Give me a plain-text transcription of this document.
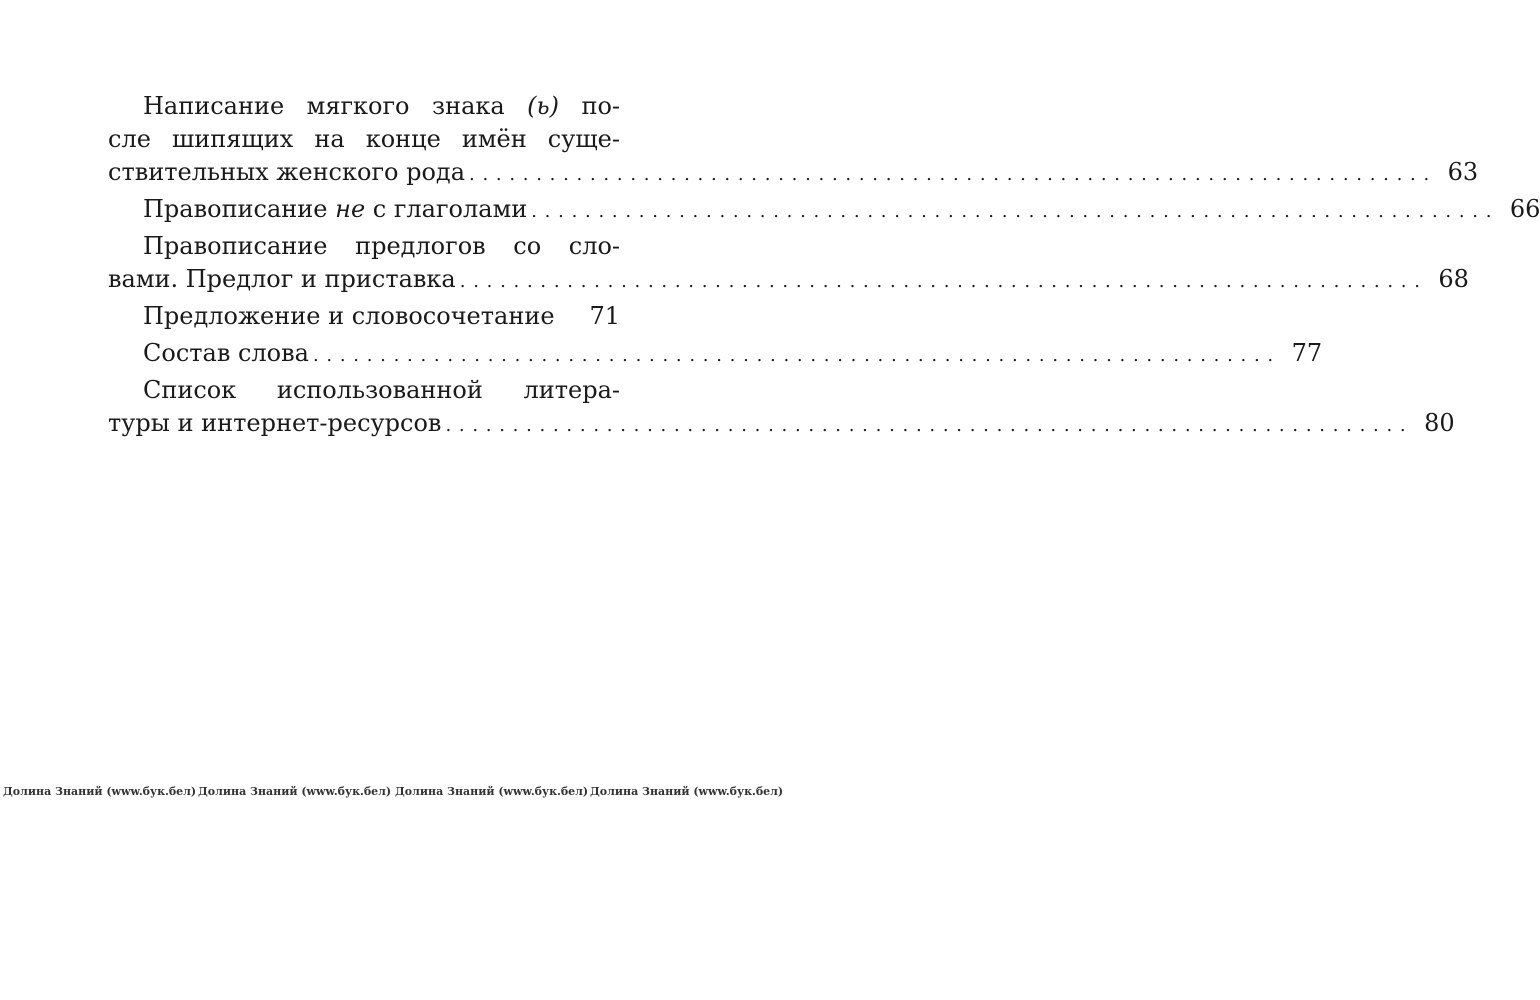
Написание мягкого знака (ь) по-
сле шипящих на конце имён суще-
ствительных женского рода . . .	63
Правописание не с глаголами . . .	66
Правописание предлогов со сло-
вами. Предлог и приставка . . .	68
Предложение и словосочетание	71
Состав слова . . .	77
Список использованной литера-
туры и интернет-ресурсов . . .	80
Долина Знаний (www.бук.бел) Долина Знаний (www.бук.бел) Долина Знаний (www.бук.бел) Долина Знаний (www.бук.бел)
